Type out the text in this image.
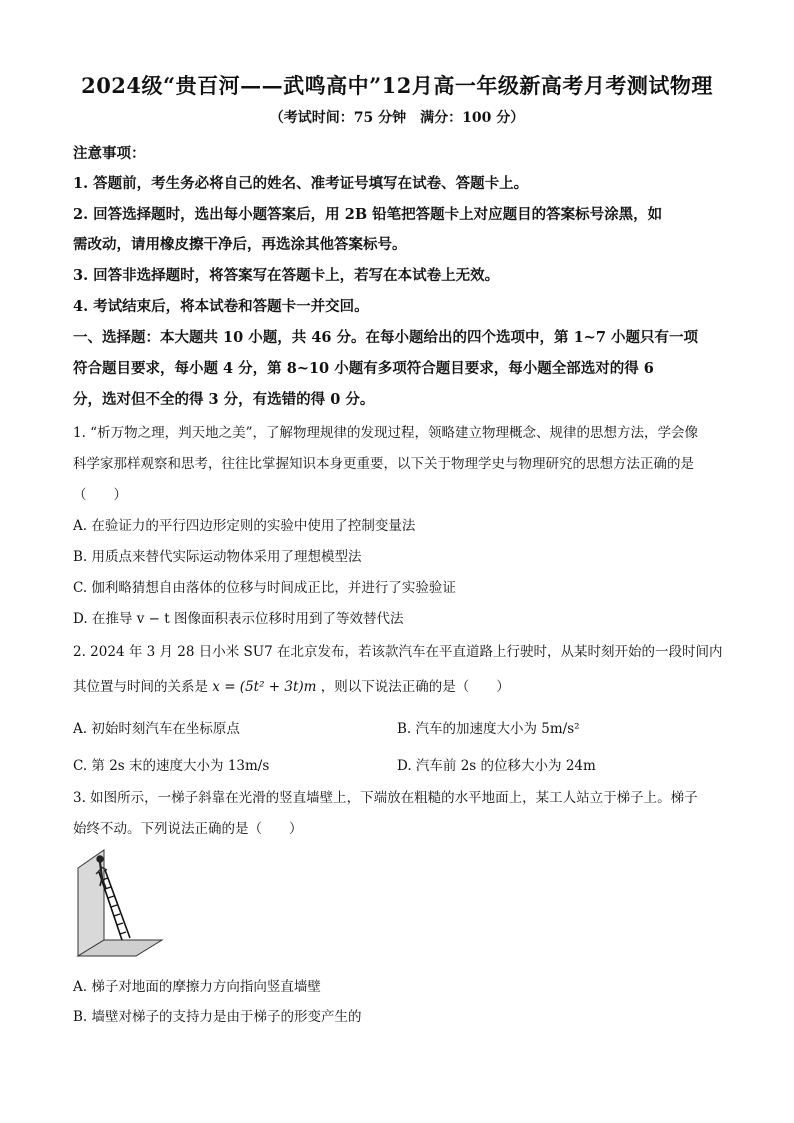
2024级“贵百河——武鸣高中”12月高一年级新高考月考测试物理
（考试时间：75 分钟　满分：100 分）
注意事项：
1. 答题前，考生务必将自己的姓名、准考证号填写在试卷、答题卡上。
2. 回答选择题时，选出每小题答案后，用 2B 铅笔把答题卡上对应题目的答案标号涂黑，如
需改动，请用橡皮擦干净后，再选涂其他答案标号。
3. 回答非选择题时，将答案写在答题卡上，若写在本试卷上无效。
4. 考试结束后，将本试卷和答题卡一并交回。
一、选择题：本大题共 10 小题，共 46 分。在每小题给出的四个选项中，第 1~7 小题只有一项
符合题目要求，每小题 4 分，第 8~10 小题有多项符合题目要求，每小题全部选对的得 6
分，选对但不全的得 3 分，有选错的得 0 分。
1. “析万物之理，判天地之美”，了解物理规律的发现过程，领略建立物理概念、规律的思想方法，学会像
科学家那样观察和思考，往往比掌握知识本身更重要，以下关于物理学史与物理研究的思想方法正确的是
（　　）
A. 在验证力的平行四边形定则的实验中使用了控制变量法
B. 用质点来替代实际运动物体采用了理想模型法
C. 伽利略猜想自由落体的位移与时间成正比，并进行了实验验证
D. 在推导 v − t 图像面积表示位移时用到了等效替代法
2. 2024 年 3 月 28 日小米 SU7 在北京发布，若该款汽车在平直道路上行驶时，从某时刻开始的一段时间内
其位置与时间的关系是 x = (5t² + 3t)m ，则以下说法正确的是（　　）
A. 初始时刻汽车在坐标原点	B. 汽车的加速度大小为 5m/s²
C. 第 2s 末的速度大小为 13m/s	D. 汽车前 2s 的位移大小为 24m
3. 如图所示，一梯子斜靠在光滑的竖直墙壁上，下端放在粗糙的水平地面上，某工人站立于梯子上。梯子
始终不动。下列说法正确的是（　　）
A. 梯子对地面的摩擦力方向指向竖直墙壁
B. 墙壁对梯子的支持力是由于梯子的形变产生的
